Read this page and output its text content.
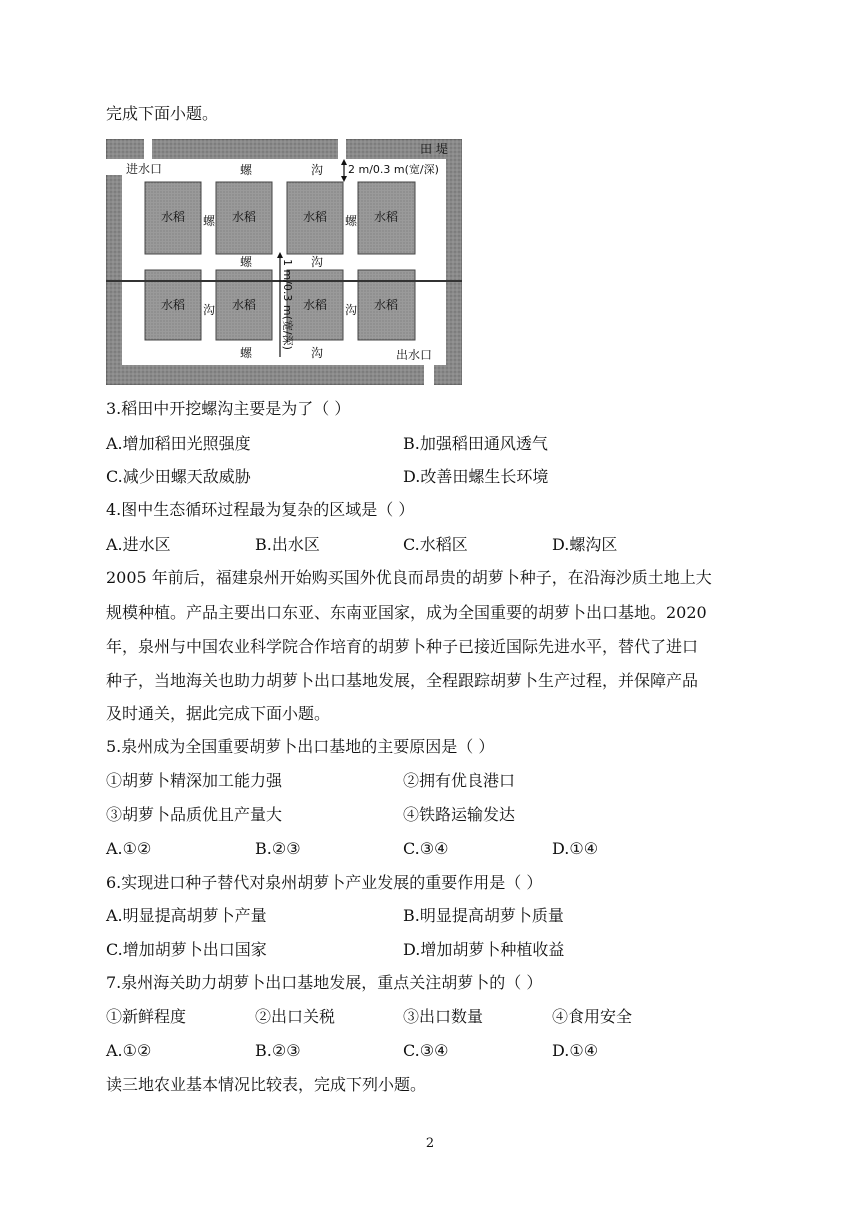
完成下面小题。
田 堤
进水口
出水口
2 m/0.3 m(宽/深)
1 m/0.3 m(宽/深)
螺	沟
螺	沟
螺	沟
螺	螺
沟	沟
水稻	水稻	水稻	水稻
水稻	水稻	水稻	水稻
3.稻田中开挖螺沟主要是为了（ ）
A.增加稻田光照强度	B.加强稻田通风透气
C.减少田螺天敌威胁	D.改善田螺生长环境
4.图中生态循环过程最为复杂的区域是（ ）
A.进水区	B.出水区	C.水稻区	D.螺沟区
2005 年前后，福建泉州开始购买国外优良而昂贵的胡萝卜种子，在沿海沙质土地上大
规模种植。产品主要出口东亚、东南亚国家，成为全国重要的胡萝卜出口基地。2020
年，泉州与中国农业科学院合作培育的胡萝卜种子已接近国际先进水平，替代了进口
种子，当地海关也助力胡萝卜出口基地发展，全程跟踪胡萝卜生产过程，并保障产品
及时通关，据此完成下面小题。
5.泉州成为全国重要胡萝卜出口基地的主要原因是（ ）
①胡萝卜精深加工能力强	②拥有优良港口
③胡萝卜品质优且产量大	④铁路运输发达
A.①②	B.②③	C.③④	D.①④
6.实现进口种子替代对泉州胡萝卜产业发展的重要作用是（ ）
A.明显提高胡萝卜产量	B.明显提高胡萝卜质量
C.增加胡萝卜出口国家	D.增加胡萝卜种植收益
7.泉州海关助力胡萝卜出口基地发展，重点关注胡萝卜的（ ）
①新鲜程度	②出口关税	③出口数量	④食用安全
A.①②	B.②③	C.③④	D.①④
读三地农业基本情况比较表，完成下列小题。
2
